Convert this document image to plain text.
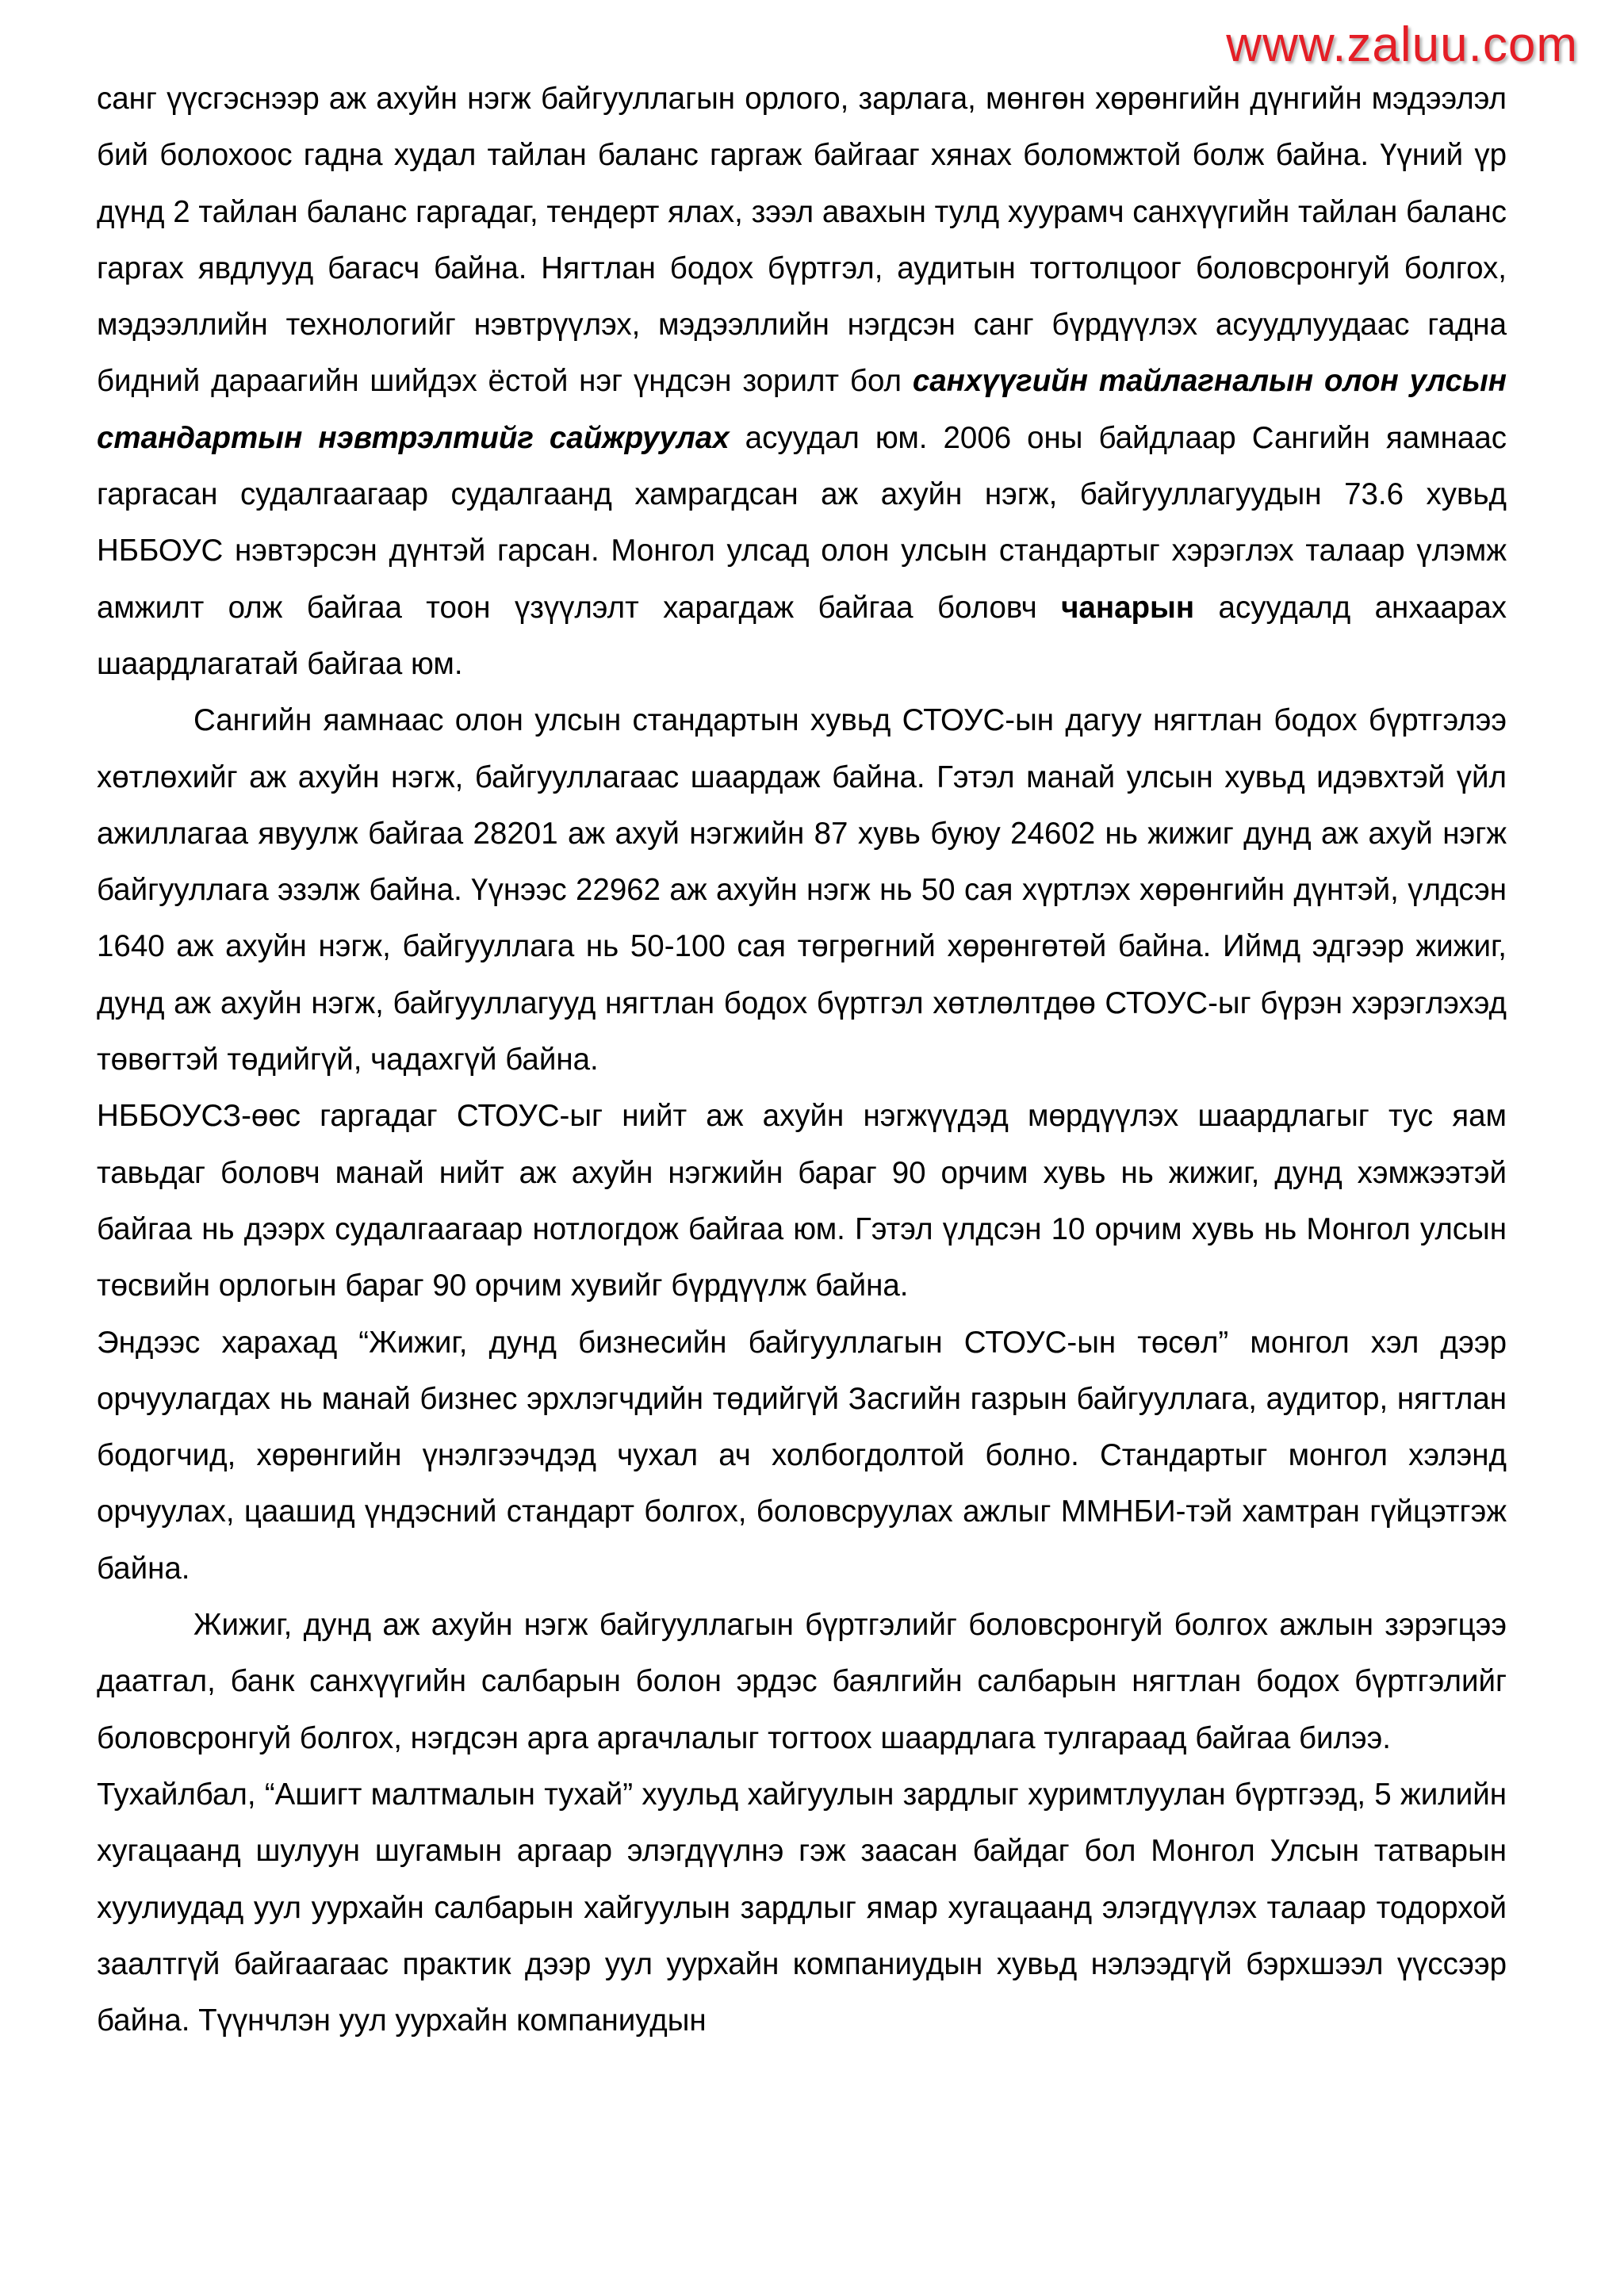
www.zaluu.com

санг үүсгэснээр аж ахуйн нэгж байгууллагын орлого, зарлага, мөнгөн хөрөнгийн дүнгийн мэдээлэл бий болохоос гадна худал тайлан баланс гаргаж байгааг хянах боломжтой болж байна. Үүний үр дүнд 2 тайлан баланс гаргадаг, тендерт ялах, зээл авахын тулд хуурамч санхүүгийн тайлан баланс гаргах явдлууд багасч байна. Нягтлан бодох бүртгэл, аудитын тогтолцоог боловсронгуй болгох, мэдээллийн технологийг нэвтрүүлэх, мэдээллийн нэгдсэн санг бүрдүүлэх асуудлуудаас гадна бидний дараагийн шийдэх ёстой нэг үндсэн зорилт бол санхүүгийн тайлагналын олон улсын стандартын нэвтрэлтийг сайжруулах асуудал юм. 2006 оны байдлаар Сангийн яамнаас гаргасан судалгаагаар судалгаанд хамрагдсан аж ахуйн нэгж, байгууллагуудын 73.6 хувьд НББОУС нэвтэрсэн дүнтэй гарсан. Монгол улсад олон улсын стандартыг хэрэглэх талаар үлэмж амжилт олж байгаа тоон үзүүлэлт харагдаж байгаа боловч чанарын асуудалд анхаарах шаардлагатай байгаа юм.

Сангийн яамнаас олон улсын стандартын хувьд СТОУС-ын дагуу нягтлан бодох бүртгэлээ хөтлөхийг аж ахуйн нэгж, байгууллагаас шаардаж байна. Гэтэл манай улсын хувьд идэвхтэй үйл ажиллагаа явуулж байгаа 28201 аж ахуй нэгжийн 87 хувь буюу 24602 нь жижиг дунд аж ахуй нэгж байгууллага эзэлж байна. Үүнээс 22962 аж ахуйн нэгж нь 50 сая хүртлэх хөрөнгийн дүнтэй, үлдсэн 1640 аж ахуйн нэгж, байгууллага нь 50-100 сая төгрөгний хөрөнгөтөй байна. Иймд эдгээр жижиг, дунд аж ахуйн нэгж, байгууллагууд нягтлан бодох бүртгэл хөтлөлтдөө СТОУС-ыг бүрэн хэрэглэхэд төвөгтэй төдийгүй, чадахгүй байна.

НББОУСЗ-өөс гаргадаг СТОУС-ыг нийт аж ахуйн нэгжүүдэд мөрдүүлэх шаардлагыг тус яам тавьдаг боловч манай нийт аж ахуйн нэгжийн бараг 90 орчим хувь нь жижиг, дунд хэмжээтэй байгаа нь дээрх судалгаагаар нотлогдож байгаа юм. Гэтэл үлдсэн 10 орчим хувь нь Монгол улсын төсвийн орлогын бараг 90 орчим хувийг бүрдүүлж байна.

Эндээс харахад “Жижиг, дунд бизнесийн байгууллагын СТОУС-ын төсөл” монгол хэл дээр орчуулагдах нь манай бизнес эрхлэгчдийн төдийгүй Засгийн газрын байгууллага, аудитор, нягтлан бодогчид, хөрөнгийн үнэлгээчдэд чухал ач холбогдолтой болно. Стандартыг монгол хэлэнд орчуулах, цаашид үндэсний стандарт болгох, боловсруулах ажлыг ММНБИ-тэй хамтран гүйцэтгэж байна.

Жижиг, дунд аж ахуйн нэгж байгууллагын бүртгэлийг боловсронгуй болгох ажлын зэрэгцээ даатгал, банк санхүүгийн салбарын болон эрдэс баялгийн салбарын нягтлан бодох бүртгэлийг боловсронгуй болгох, нэгдсэн арга аргачлалыг тогтоох шаардлага тулгараад байгаа билээ.

Тухайлбал, “Ашигт малтмалын тухай” хуульд хайгуулын зардлыг хуримтлуулан бүртгээд, 5 жилийн хугацаанд шулуун шугамын аргаар элэгдүүлнэ гэж заасан байдаг бол Монгол Улсын татварын хуулиудад уул уурхайн салбарын хайгуулын зардлыг ямар хугацаанд элэгдүүлэх талаар тодорхой заалтгүй байгаагаас практик дээр уул уурхайн компаниудын хувьд нэлээдгүй бэрхшээл үүссээр байна. Түүнчлэн уул уурхайн компаниудын
